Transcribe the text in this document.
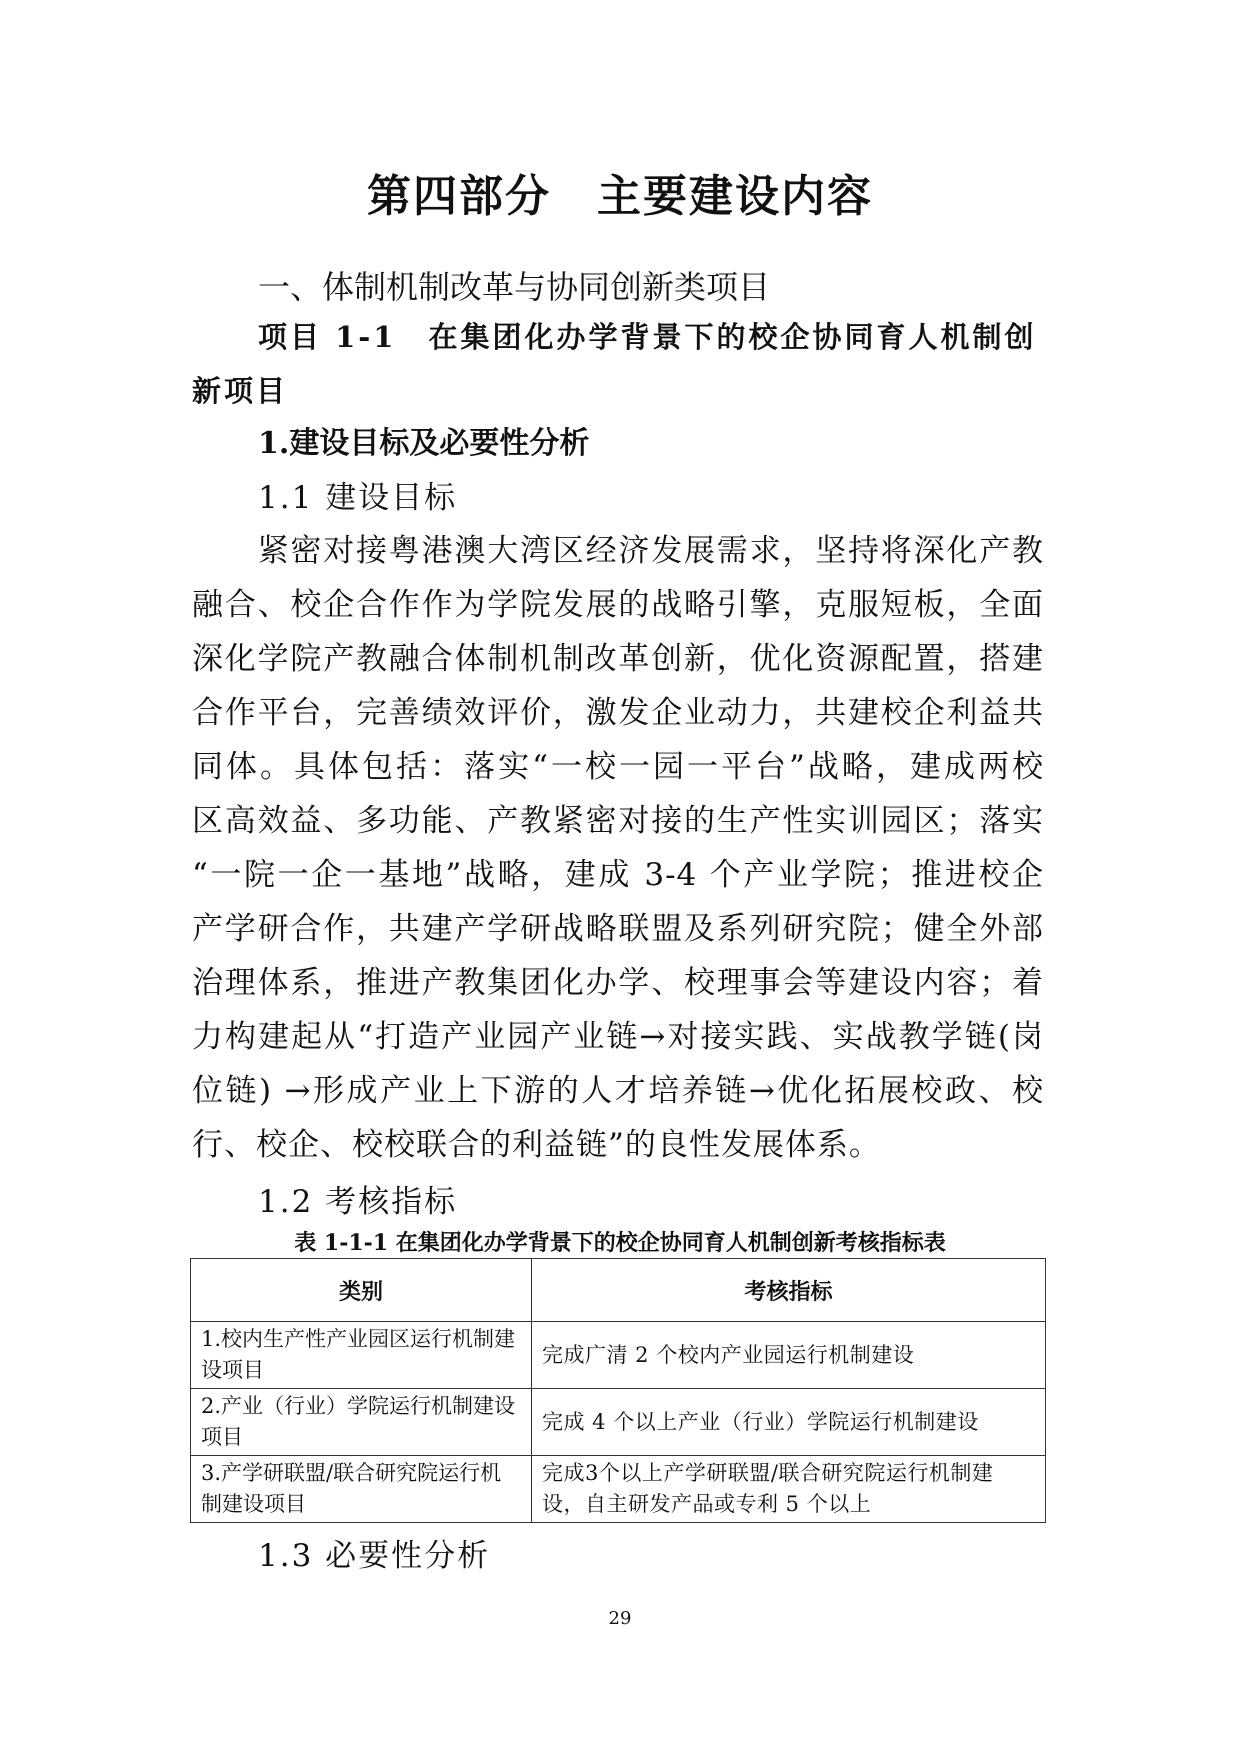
第四部分　主要建设内容
一、体制机制改革与协同创新类项目
项目 1-1　在集团化办学背景下的校企协同育人机制创
新项目
1.建设目标及必要性分析
1.1 建设目标
　　紧密对接粤港澳大湾区经济发展需求，坚持将深化产教
融合、校企合作作为学院发展的战略引擎，克服短板，全面
深化学院产教融合体制机制改革创新，优化资源配置，搭建
合作平台，完善绩效评价，激发企业动力，共建校企利益共
同体。具体包括：落实“一校一园一平台”战略，建成两校
区高效益、多功能、产教紧密对接的生产性实训园区；落实
“一院一企一基地”战略，建成 3-4 个产业学院；推进校企
产学研合作，共建产学研战略联盟及系列研究院；健全外部
治理体系，推进产教集团化办学、校理事会等建设内容；着
力构建起从“打造产业园产业链→对接实践、实战教学链(岗
位链) →形成产业上下游的人才培养链→优化拓展校政、校
行、校企、校校联合的利益链”的良性发展体系。
1.2 考核指标
表 1-1-1 在集团化办学背景下的校企协同育人机制创新考核指标表
类别	考核指标
1.校内生产性产业园区运行机制建设项目	完成广清 2 个校内产业园运行机制建设
2.产业（行业）学院运行机制建设项目	完成 4 个以上产业（行业）学院运行机制建设
3.产学研联盟/联合研究院运行机制建设项目	完成3个以上产学研联盟/联合研究院运行机制建设，自主研发产品或专利 5 个以上
1.3 必要性分析
29
